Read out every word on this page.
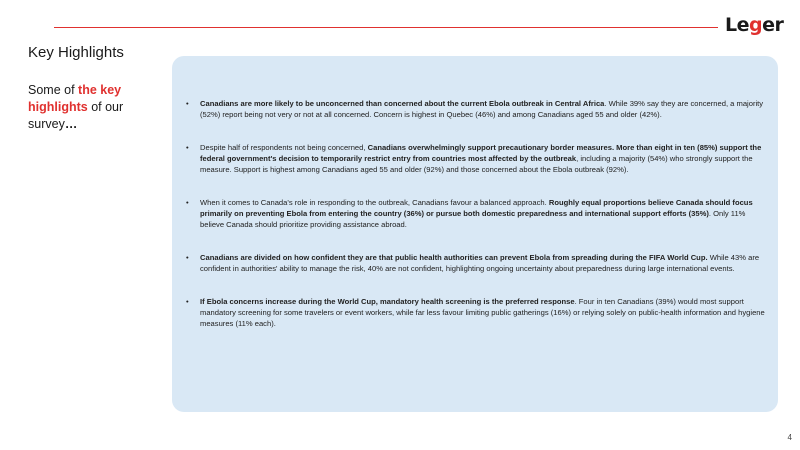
Leger
Key Highlights
Some of the key highlights of our survey…
• Canadians are more likely to be unconcerned than concerned about the current Ebola outbreak in Central Africa. While 39% say they are concerned, a majority (52%) report being not very or not at all concerned. Concern is highest in Quebec (46%) and among Canadians aged 55 and older (42%).
• Despite half of respondents not being concerned, Canadians overwhelmingly support precautionary border measures. More than eight in ten (85%) support the federal government's decision to temporarily restrict entry from countries most affected by the outbreak, including a majority (54%) who strongly support the measure. Support is highest among Canadians aged 55 and older (92%) and those concerned about the Ebola outbreak (92%).
• When it comes to Canada's role in responding to the outbreak, Canadians favour a balanced approach. Roughly equal proportions believe Canada should focus primarily on preventing Ebola from entering the country (36%) or pursue both domestic preparedness and international support efforts (35%). Only 11% believe Canada should prioritize providing assistance abroad.
• Canadians are divided on how confident they are that public health authorities can prevent Ebola from spreading during the FIFA World Cup. While 43% are confident in authorities' ability to manage the risk, 40% are not confident, highlighting ongoing uncertainty about preparedness during large international events.
• If Ebola concerns increase during the World Cup, mandatory health screening is the preferred response. Four in ten Canadians (39%) would most support mandatory screening for some travelers or event workers, while far less favour limiting public gatherings (16%) or relying solely on public-health information and hygiene measures (11% each).
4
